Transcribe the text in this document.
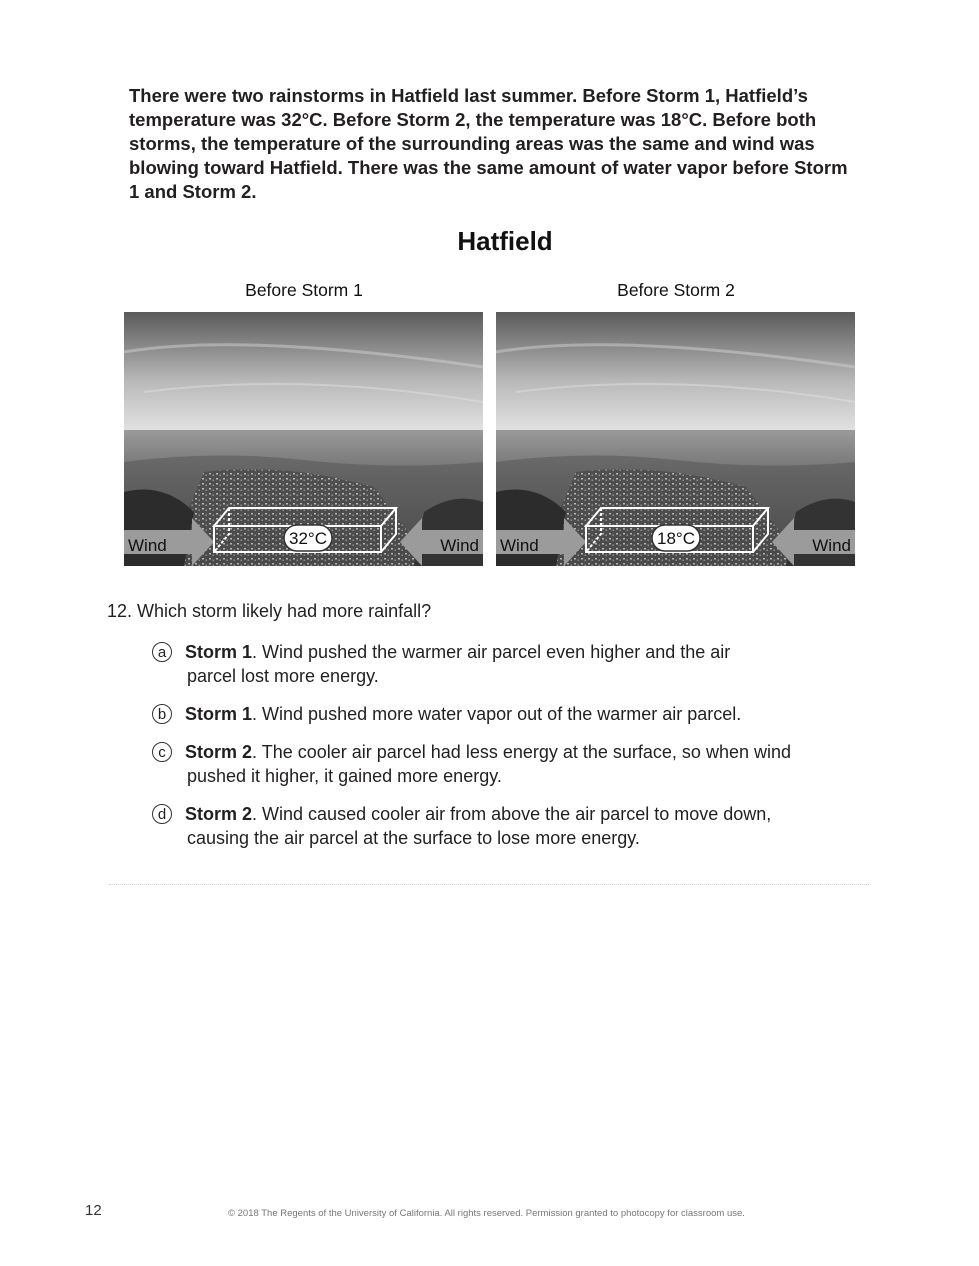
There were two rainstorms in Hatfield last summer. Before Storm 1, Hatfield’s temperature was 32°C. Before Storm 2, the temperature was 18°C. Before both storms, the temperature of the surrounding areas was the same and wind was blowing toward Hatfield. There was the same amount of water vapor before Storm 1 and Storm 2.
Hatfield
Before Storm 1	Before Storm 2
32°C
Wind	Wind	18°C
Wind	Wind
12. Which storm likely had more rainfall?
a	Storm 1. Wind pushed the warmer air parcel even higher and the air
parcel lost more energy.
b	Storm 1. Wind pushed more water vapor out of the warmer air parcel.
c	Storm 2. The cooler air parcel had less energy at the surface, so when wind
pushed it higher, it gained more energy.
d	Storm 2. Wind caused cooler air from above the air parcel to move down,
causing the air parcel at the surface to lose more energy.
12	© 2018 The Regents of the University of California. All rights reserved. Permission granted to photocopy for classroom use.
